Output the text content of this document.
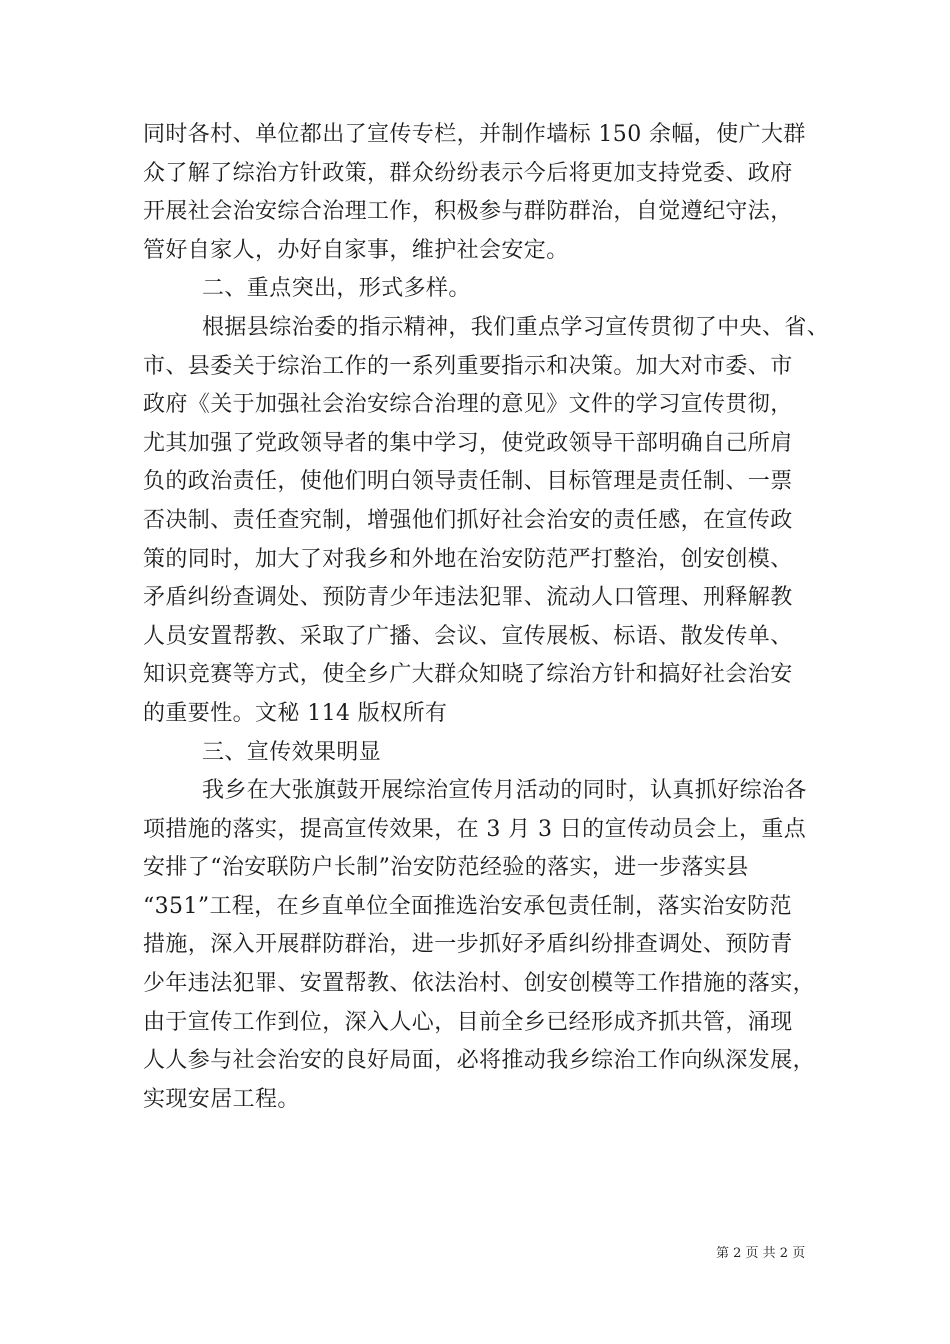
同时各村、单位都出了宣传专栏，并制作墙标 150 余幅，使广大群
众了解了综治方针政策，群众纷纷表示今后将更加支持党委、政府
开展社会治安综合治理工作，积极参与群防群治，自觉遵纪守法，
管好自家人，办好自家事，维护社会安定。
二、重点突出，形式多样。
根据县综治委的指示精神，我们重点学习宣传贯彻了中央、省、
市、县委关于综治工作的一系列重要指示和决策。加大对市委、市
政府《关于加强社会治安综合治理的意见》文件的学习宣传贯彻，
尤其加强了党政领导者的集中学习，使党政领导干部明确自己所肩
负的政治责任，使他们明白领导责任制、目标管理是责任制、一票
否决制、责任查究制，增强他们抓好社会治安的责任感，在宣传政
策的同时，加大了对我乡和外地在治安防范严打整治，创安创模、
矛盾纠纷查调处、预防青少年违法犯罪、流动人口管理、刑释解教
人员安置帮教、采取了广播、会议、宣传展板、标语、散发传单、
知识竞赛等方式，使全乡广大群众知晓了综治方针和搞好社会治安
的重要性。文秘 114 版权所有
三、宣传效果明显
我乡在大张旗鼓开展综治宣传月活动的同时，认真抓好综治各
项措施的落实，提高宣传效果，在 3 月 3 日的宣传动员会上，重点
安排了“治安联防户长制”治安防范经验的落实，进一步落实县
“351”工程，在乡直单位全面推选治安承包责任制，落实治安防范
措施，深入开展群防群治，进一步抓好矛盾纠纷排查调处、预防青
少年违法犯罪、安置帮教、依法治村、创安创模等工作措施的落实，
由于宣传工作到位，深入人心，目前全乡已经形成齐抓共管，涌现
人人参与社会治安的良好局面，必将推动我乡综治工作向纵深发展，
实现安居工程。
第 2 页 共 2 页
